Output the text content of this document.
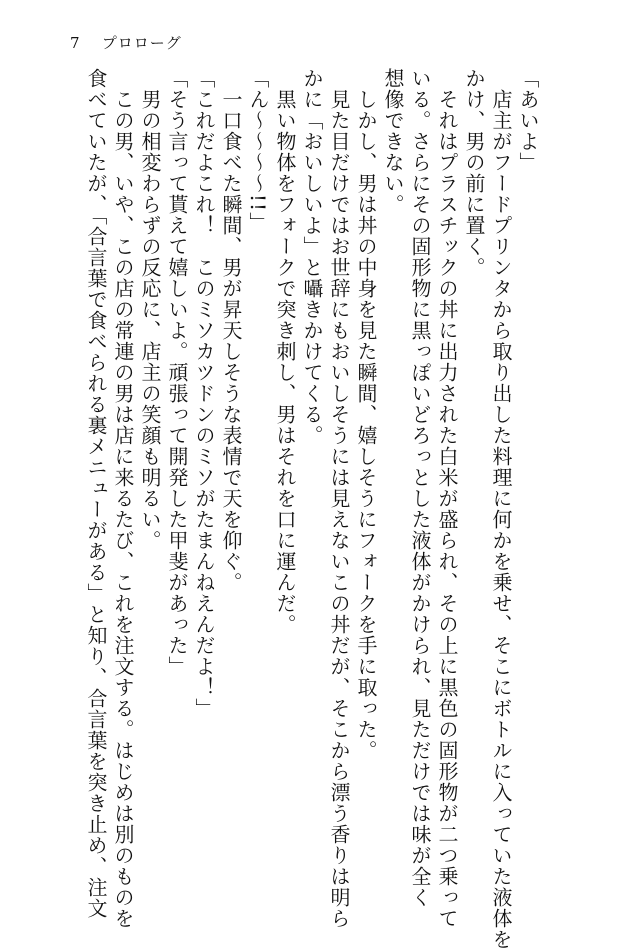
7 プロローグ
「あいよ」
　店主がフードプリンタから取り出した料理に何かを乗せ、そこにボトルに入っていた液体を
かけ、男の前に置く。
　それはプラスチックの丼に出力された白米が盛られ、その上に黒色の固形物が二つ乗って
いる。さらにその固形物に黒っぽいどろっとした液体がかけられ、見ただけでは味が全く
想像できない。
　しかし、男は丼の中身を見た瞬間、嬉しそうにフォークを手に取った。
　見た目だけではお世辞にもおいしそうには見えないこの丼だが、そこから漂う香りは明ら
かに「おいしいよ」と囁きかけてくる。
　黒い物体をフォークで突き刺し、男はそれを口に運んだ。
「ん～～～～!!」
　一口食べた瞬間、男が昇天しそうな表情で天を仰ぐ。
「これだよこれ！　このミソカツドンのミソがたまんねえんだよ！」
「そう言って貰えて嬉しいよ。頑張って開発した甲斐があった」
　男の相変わらずの反応に、店主の笑顔も明るい。
　この男、いや、この店の常連の男は店に来るたび、これを注文する。はじめは別のものを
食べていたが、「合言葉で食べられる裏メニューがある」と知り、合言葉を突き止め、注文
